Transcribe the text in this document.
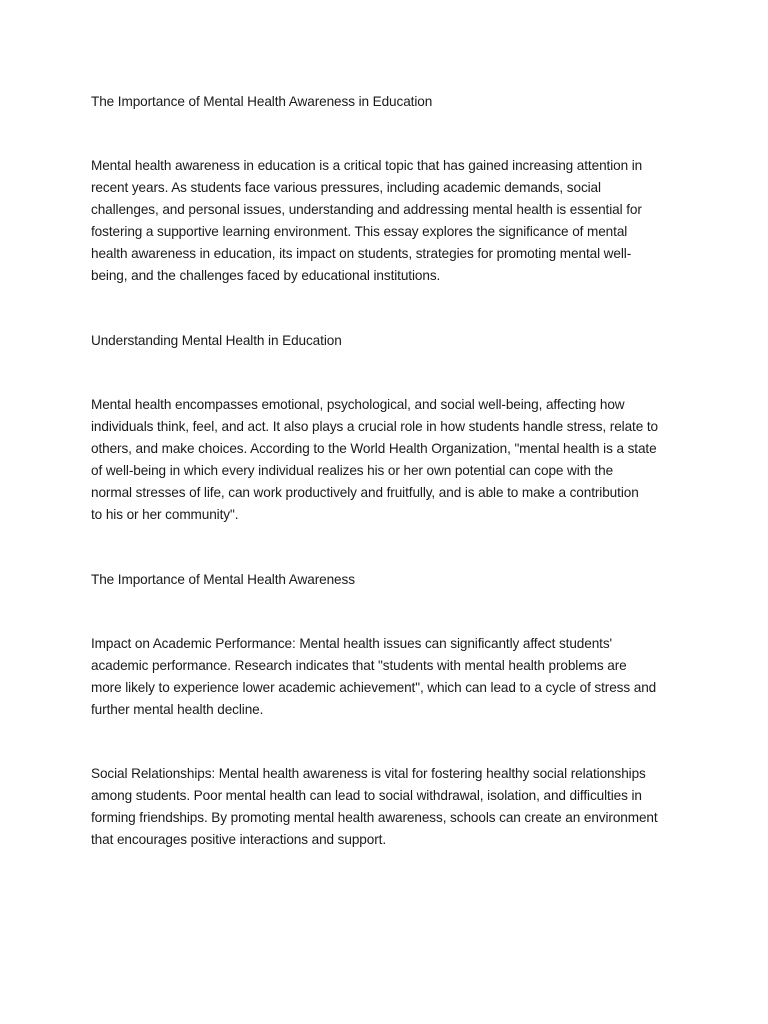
The Importance of Mental Health Awareness in Education

Mental health awareness in education is a critical topic that has gained increasing attention in
recent years. As students face various pressures, including academic demands, social
challenges, and personal issues, understanding and addressing mental health is essential for
fostering a supportive learning environment. This essay explores the significance of mental
health awareness in education, its impact on students, strategies for promoting mental well-
being, and the challenges faced by educational institutions.

Understanding Mental Health in Education

Mental health encompasses emotional, psychological, and social well-being, affecting how
individuals think, feel, and act. It also plays a crucial role in how students handle stress, relate to
others, and make choices. According to the World Health Organization, "mental health is a state
of well-being in which every individual realizes his or her own potential can cope with the
normal stresses of life, can work productively and fruitfully, and is able to make a contribution
to his or her community".

The Importance of Mental Health Awareness

Impact on Academic Performance: Mental health issues can significantly affect students'
academic performance. Research indicates that "students with mental health problems are
more likely to experience lower academic achievement", which can lead to a cycle of stress and
further mental health decline.

Social Relationships: Mental health awareness is vital for fostering healthy social relationships
among students. Poor mental health can lead to social withdrawal, isolation, and difficulties in
forming friendships. By promoting mental health awareness, schools can create an environment
that encourages positive interactions and support.
